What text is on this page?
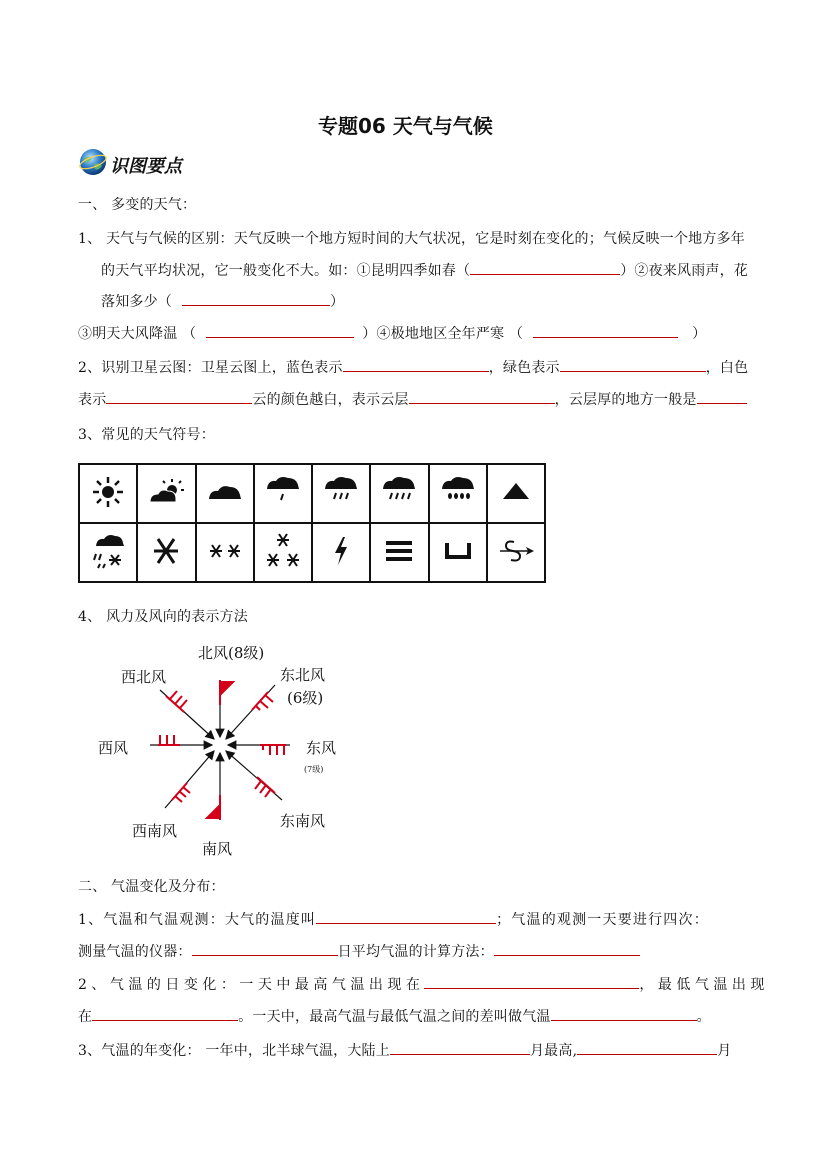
专题06 天气与气候
识图要点
一、 多变的天气：
1、 天气与气候的区别：天气反映一个地方短时间的大气状况，它是时刻在变化的；气候反映一个地方多年
的天气平均状况，它一般变化不大。如：①昆明四季如春（	）②夜来风雨声，花
落知多少（	）
③明天大风降温 （	）④极地地区全年严寒 （	）
2、识别卫星云图：卫星云图上，蓝色表示	，绿色表示	，白色
表示	云的颜色越白，表示云层	，云层厚的地方一般是
3、常见的天气符号：

4、 风力及风向的表示方法
北风(8级)
东北风
(6级)
西北风
西风	东风
(7级)
西南风
东南风
南风
二、 气温变化及分布：
1、气温和气温观测：大气的温度叫	；气温的观测一天要进行四次：
测量气温的仪器：	日平均气温的计算方法：
2、气温的日变化：一天中最高气温出现在	，最低气温出现
在	。一天中，最高气温与最低气温之间的差叫做气温	。
3、气温的年变化： 一年中，北半球气温，大陆上	月最高,	月
